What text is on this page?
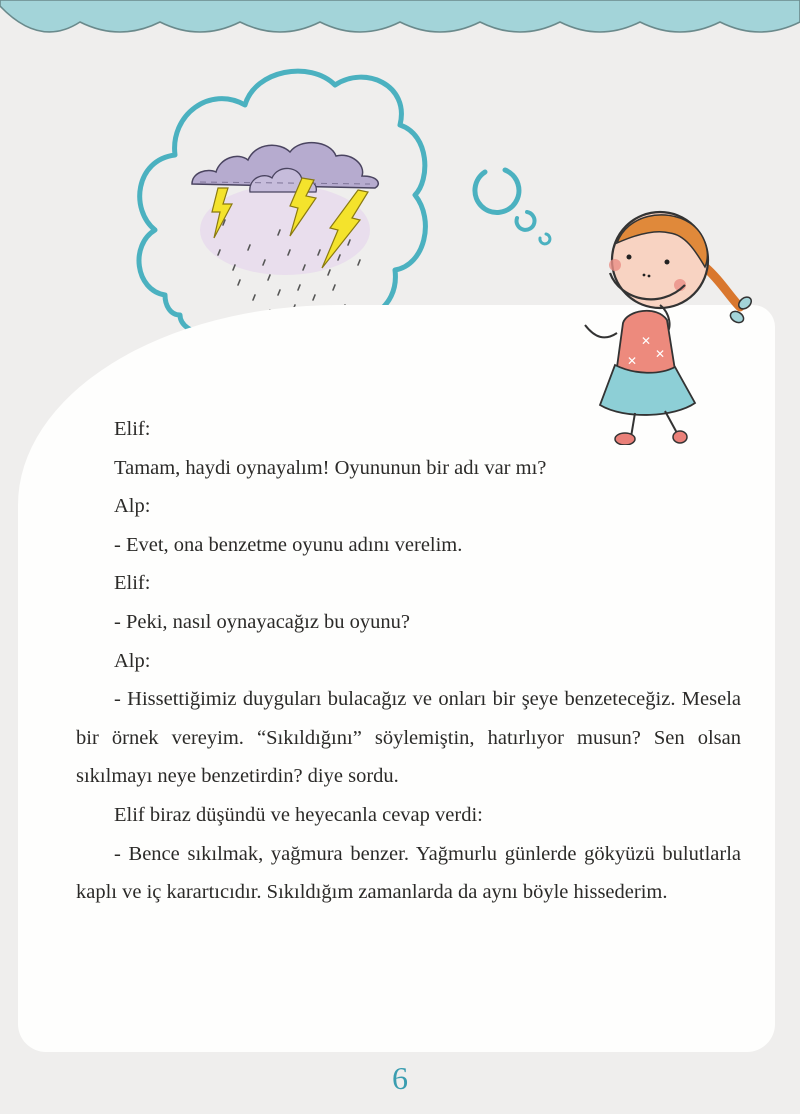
✕
✕
✕

Elif:

Tamam, haydi oynayalım! Oyununun bir adı var mı?

Alp:

- Evet, ona benzetme oyunu adını verelim.

Elif:

- Peki, nasıl oynayacağız bu oyunu?

Alp:

- Hissettiğimiz duyguları bulacağız ve onları bir şeye benzeteceğiz. Mesela bir örnek vereyim. “Sıkıldığını” söylemiştin, hatırlıyor musun? Sen olsan sıkılmayı neye benzetirdin? diye sordu.

Elif biraz düşündü ve heyecanla cevap verdi:

- Bence sıkılmak, yağmura benzer. Yağmurlu günlerde gökyüzü bulutlarla kaplı ve iç karartıcıdır. Sıkıldığım zamanlarda da aynı böyle hissederim.

6
